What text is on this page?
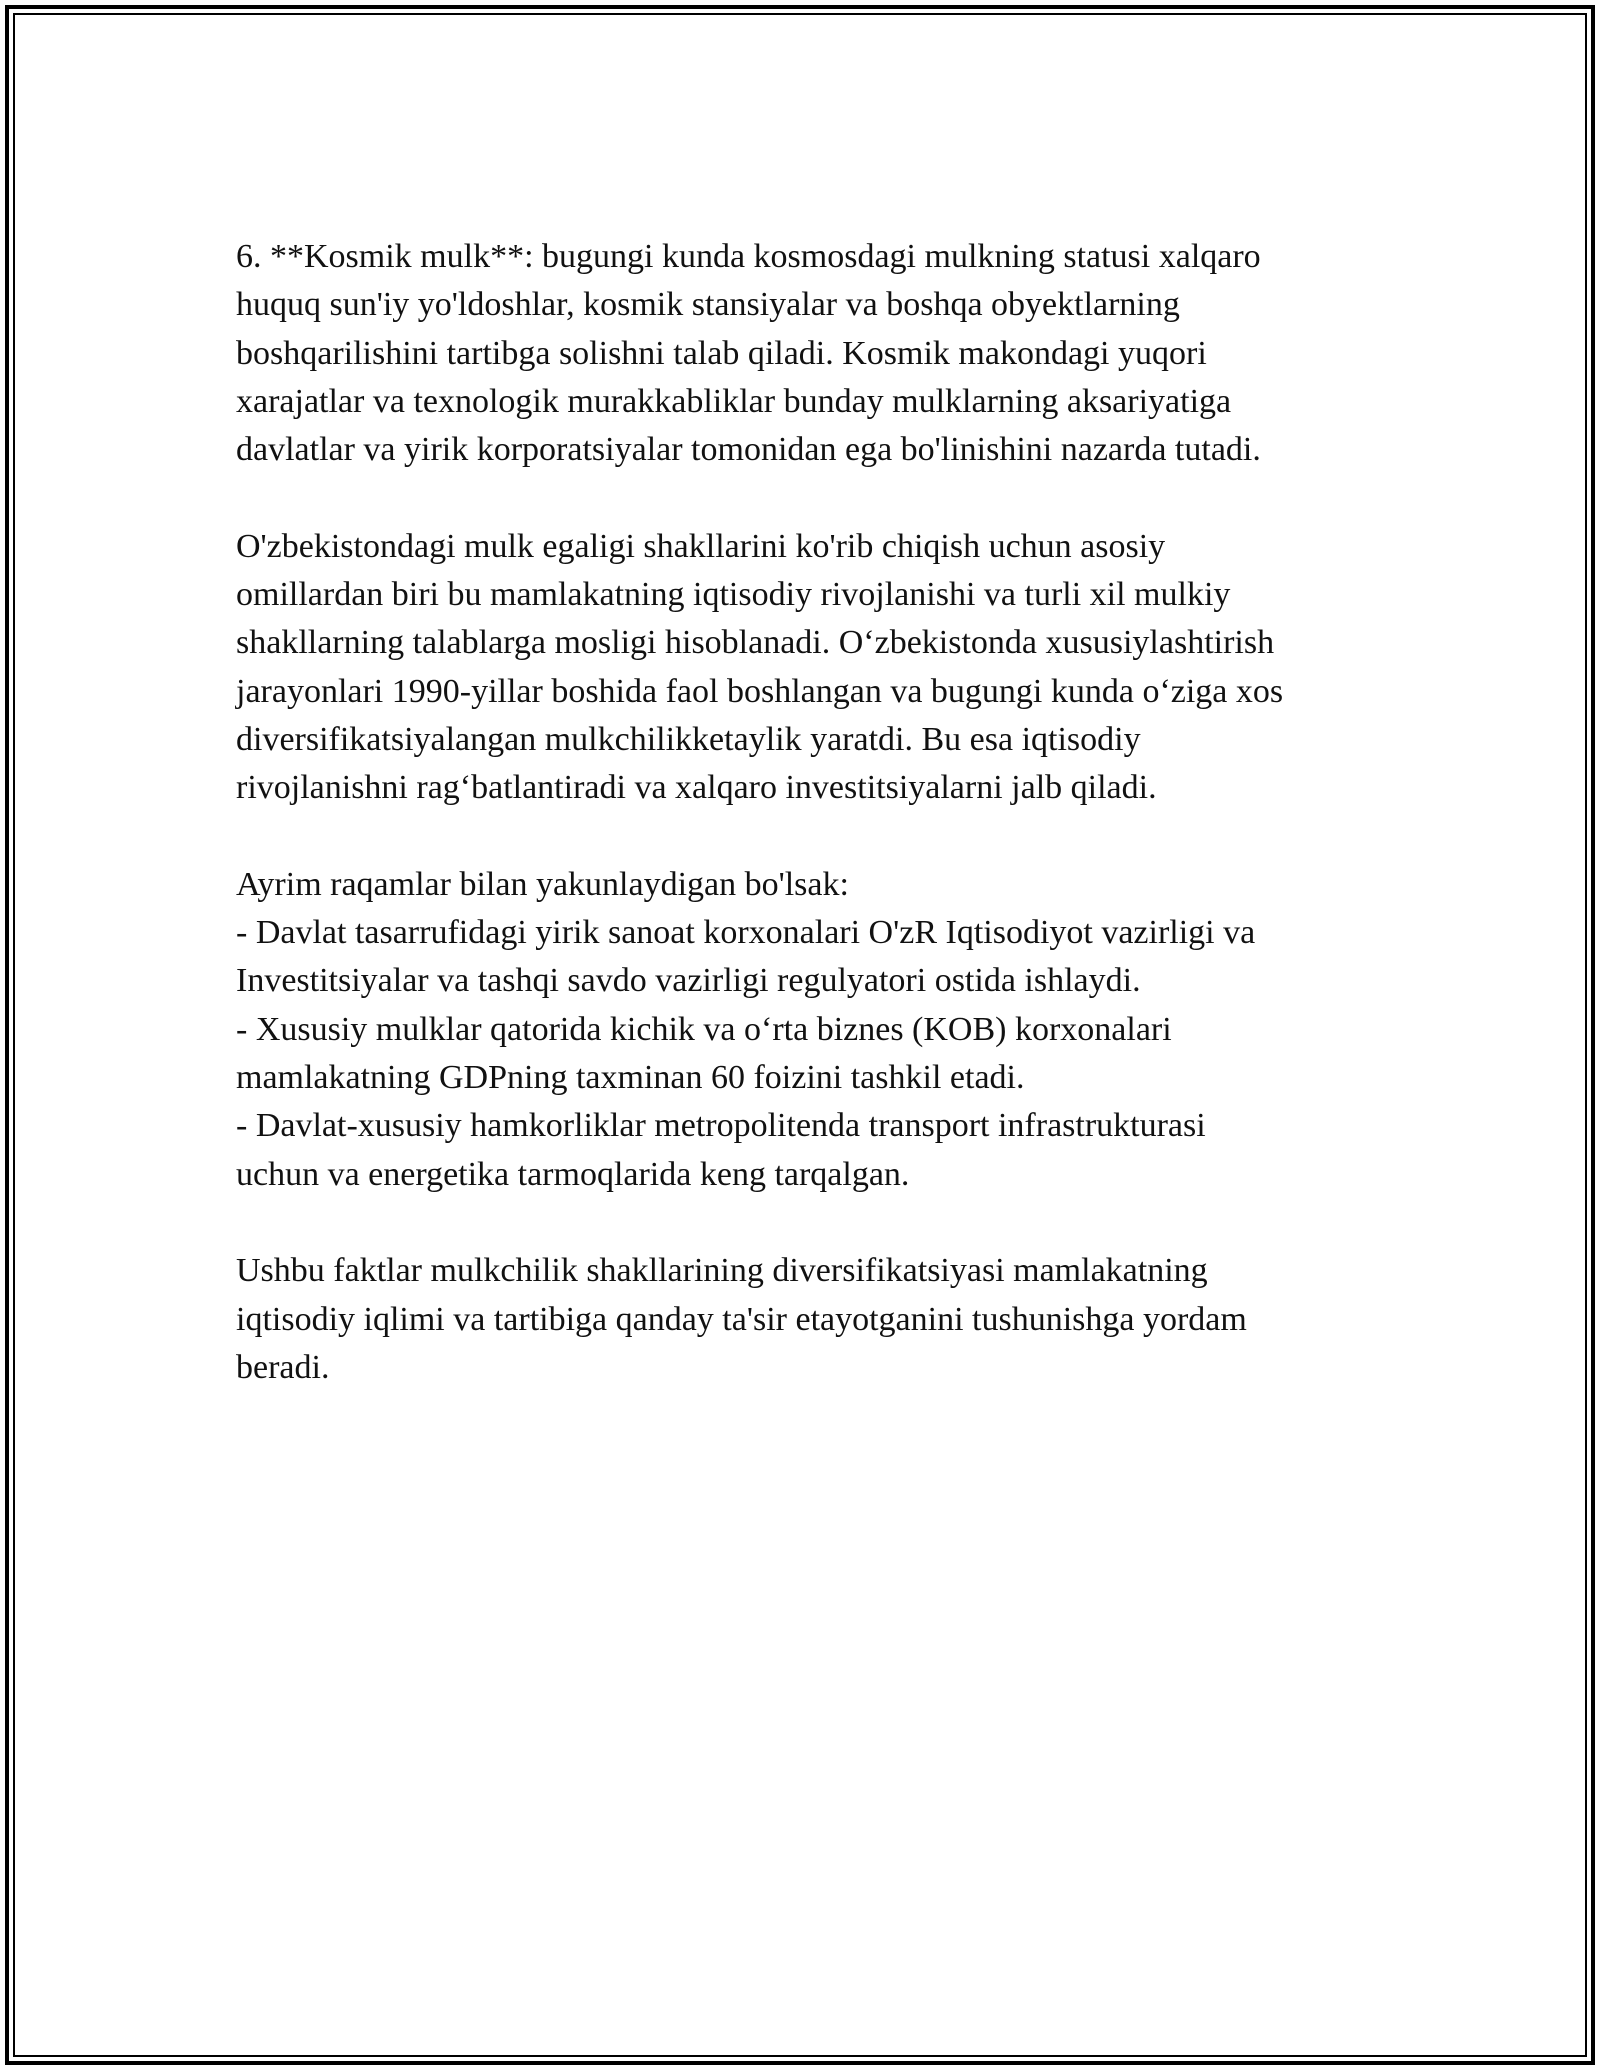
6. **Kosmik mulk**: bugungi kunda kosmosdagi mulkning statusi xalqaro
huquq sun'iy yo'ldoshlar, kosmik stansiyalar va boshqa obyektlarning
boshqarilishini tartibga solishni talab qiladi. Kosmik makondagi yuqori
xarajatlar va texnologik murakkabliklar bunday mulklarning aksariyatiga
davlatlar va yirik korporatsiyalar tomonidan ega bo'linishini nazarda tutadi.

O'zbekistondagi mulk egaligi shakllarini ko'rib chiqish uchun asosiy
omillardan biri bu mamlakatning iqtisodiy rivojlanishi va turli xil mulkiy
shakllarning talablarga mosligi hisoblanadi. O‘zbekistonda xususiylashtirish
jarayonlari 1990-yillar boshida faol boshlangan va bugungi kunda o‘ziga xos
diversifikatsiyalangan mulkchilikketaylik yaratdi. Bu esa iqtisodiy
rivojlanishni rag‘batlantiradi va xalqaro investitsiyalarni jalb qiladi.

Ayrim raqamlar bilan yakunlaydigan bo'lsak:
- Davlat tasarrufidagi yirik sanoat korxonalari O'zR Iqtisodiyot vazirligi va
Investitsiyalar va tashqi savdo vazirligi regulyatori ostida ishlaydi.
- Xususiy mulklar qatorida kichik va o‘rta biznes (KOB) korxonalari
mamlakatning GDPning taxminan 60 foizini tashkil etadi.
- Davlat-xususiy hamkorliklar metropolitenda transport infrastrukturasi
uchun va energetika tarmoqlarida keng tarqalgan.

Ushbu faktlar mulkchilik shakllarining diversifikatsiyasi mamlakatning
iqtisodiy iqlimi va tartibiga qanday ta'sir etayotganini tushunishga yordam
beradi.
